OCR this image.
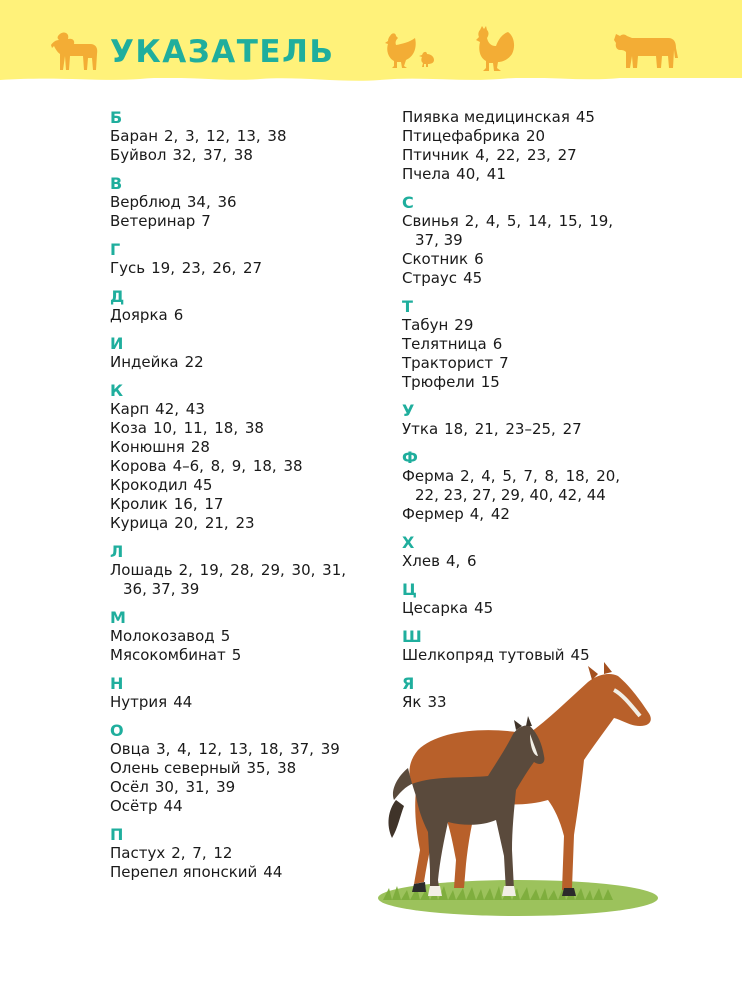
УКАЗАТЕЛЬ
Б
Баран 2, 3, 12, 13, 38
Буйвол 32, 37, 38
В
Верблюд 34, 36
Ветеринар 7
Г
Гусь 19, 23, 26, 27
Д
Доярка 6
И
Индейка 22
К
Карп 42, 43
Коза 10, 11, 18, 38
Конюшня 28
Корова 4–6, 8, 9, 18, 38
Крокодил 45
Кролик 16, 17
Курица 20, 21, 23
Л
Лошадь 2, 19, 28, 29, 30, 31,
36, 37, 39
М
Молокозавод 5
Мясокомбинат 5
Н
Нутрия 44
О
Овца 3, 4, 12, 13, 18, 37, 39
Олень северный 35, 38
Осёл 30, 31, 39
Осётр 44
П
Пастух 2, 7, 12
Перепел японский 44
Пиявка медицинская 45
Птицефабрика 20
Птичник 4, 22, 23, 27
Пчела 40, 41
С
Свинья 2, 4, 5, 14, 15, 19,
37, 39
Скотник 6
Страус 45
Т
Табун 29
Телятница 6
Тракторист 7
Трюфели 15
У
Утка 18, 21, 23–25, 27
Ф
Ферма 2, 4, 5, 7, 8, 18, 20,
22, 23, 27, 29, 40, 42, 44
Фермер 4, 42
Х
Хлев 4, 6
Ц
Цесарка 45
Ш
Шелкопряд тутовый 45
Я
Як 33
